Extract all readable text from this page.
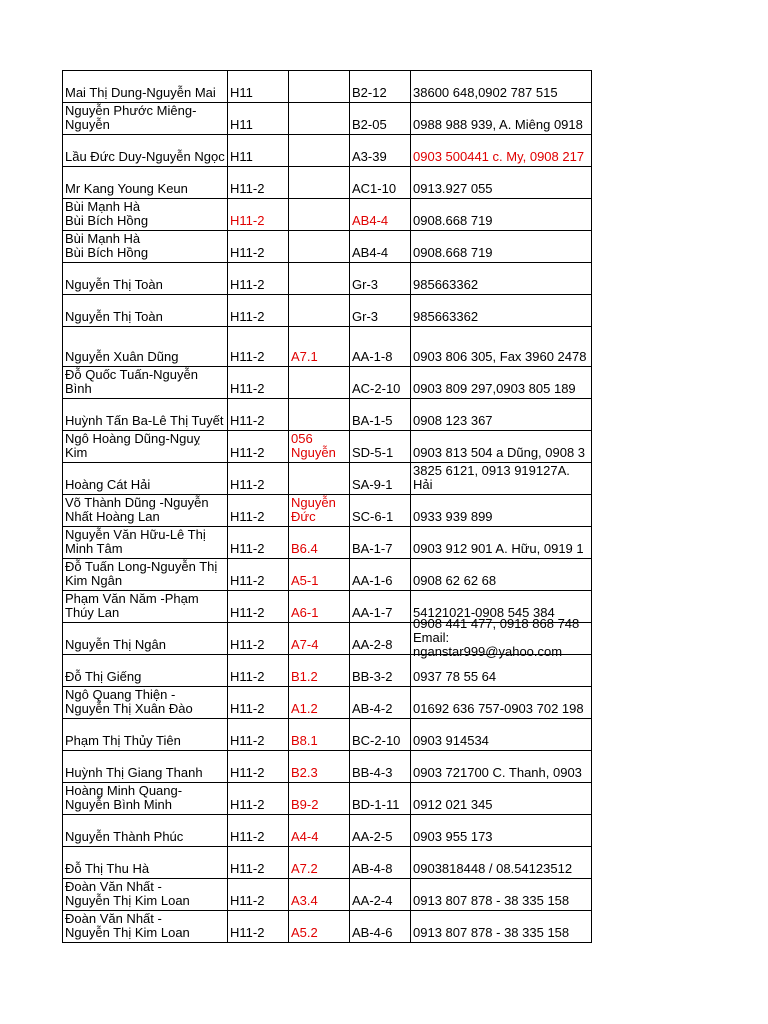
Mai Thị Dung-Nguyễn Mai	H11		B2-12	38600 648,0902 787 515

Nguyễn Phước Miêng-Nguyễn	H11		B2-05	0988 988 939, A. Miêng 0918

Lầu Đức Duy-Nguyễn Ngọc	H11		A3-39	0903 500441 c. My, 0908 217

Mr Kang Young Keun	H11-2		AC1-10	0913.927 055

Bùi Mạnh Hà
Bùi Bích Hồng	H11-2		AB4-4	0908.668 719

Bùi Mạnh Hà
Bùi Bích Hồng	H11-2		AB4-4	0908.668 719

Nguyễn Thị Toàn	H11-2		Gr-3	985663362

Nguyễn Thị Toàn	H11-2		Gr-3	985663362

Nguyễn Xuân Dũng	H11-2	A7.1	AA-1-8	0903 806 305, Fax 3960 2478

Đỗ Quốc Tuấn-Nguyễn Bình	H11-2		AC-2-10	0903 809 297,0903 805 189

Huỳnh Tấn Ba-Lê Thị Tuyết	H11-2		BA-1-5	0908 123 367

Ngô Hoàng Dũng-Nguỵ Kim	H11-2	056 Nguyễn	SD-5-1	0903 813 504 a Dũng, 0908 3

Hoàng Cát Hải	H11-2		SA-9-1	3825 6121, 0913 919127A. Hải

Võ Thành Dũng -Nguyễn
Nhất Hoàng Lan	H11-2	Nguyễn
Đức	SC-6-1	0933 939 899

Nguyễn Văn Hữu-Lê Thị
Minh Tâm	H11-2	B6.4	BA-1-7	0903 912 901 A. Hữu, 0919 1

Đỗ Tuấn Long-Nguyễn Thị
Kim Ngân	H11-2	A5-1	AA-1-6	0908 62 62 68

Phạm Văn Năm -Phạm
Thúy Lan	H11-2	A6-1	AA-1-7	54121021-0908 545 384

Nguyễn Thị Ngân	H11-2	A7-4	AA-2-8	0908 441 477, 0918 868 748
Email:
nganstar999@yahoo.com

Đỗ Thị Giếng	H11-2	B1.2	BB-3-2	0937 78 55 64

Ngô Quang Thiện -
Nguyễn Thị Xuân Đào	H11-2	A1.2	AB-4-2	01692 636 757-0903 702 198

Phạm Thị Thủy Tiên	H11-2	B8.1	BC-2-10	0903 914534

Huỳnh Thị Giang Thanh	H11-2	B2.3	BB-4-3	0903 721700 C. Thanh, 0903

Hoàng Minh Quang-
Nguyễn Bình Minh	H11-2	B9-2	BD-1-11	0912 021 345

Nguyễn Thành Phúc	H11-2	A4-4	AA-2-5	0903 955 173

Đỗ Thị Thu Hà	H11-2	A7.2	AB-4-8	0903818448 / 08.54123512

Đoàn Văn Nhất -
Nguyễn Thị Kim Loan	H11-2	A3.4	AA-2-4	0913 807 878 - 38 335 158

Đoàn Văn Nhất -
Nguyễn Thị Kim Loan	H11-2	A5.2	AB-4-6	0913 807 878 - 38 335 158
